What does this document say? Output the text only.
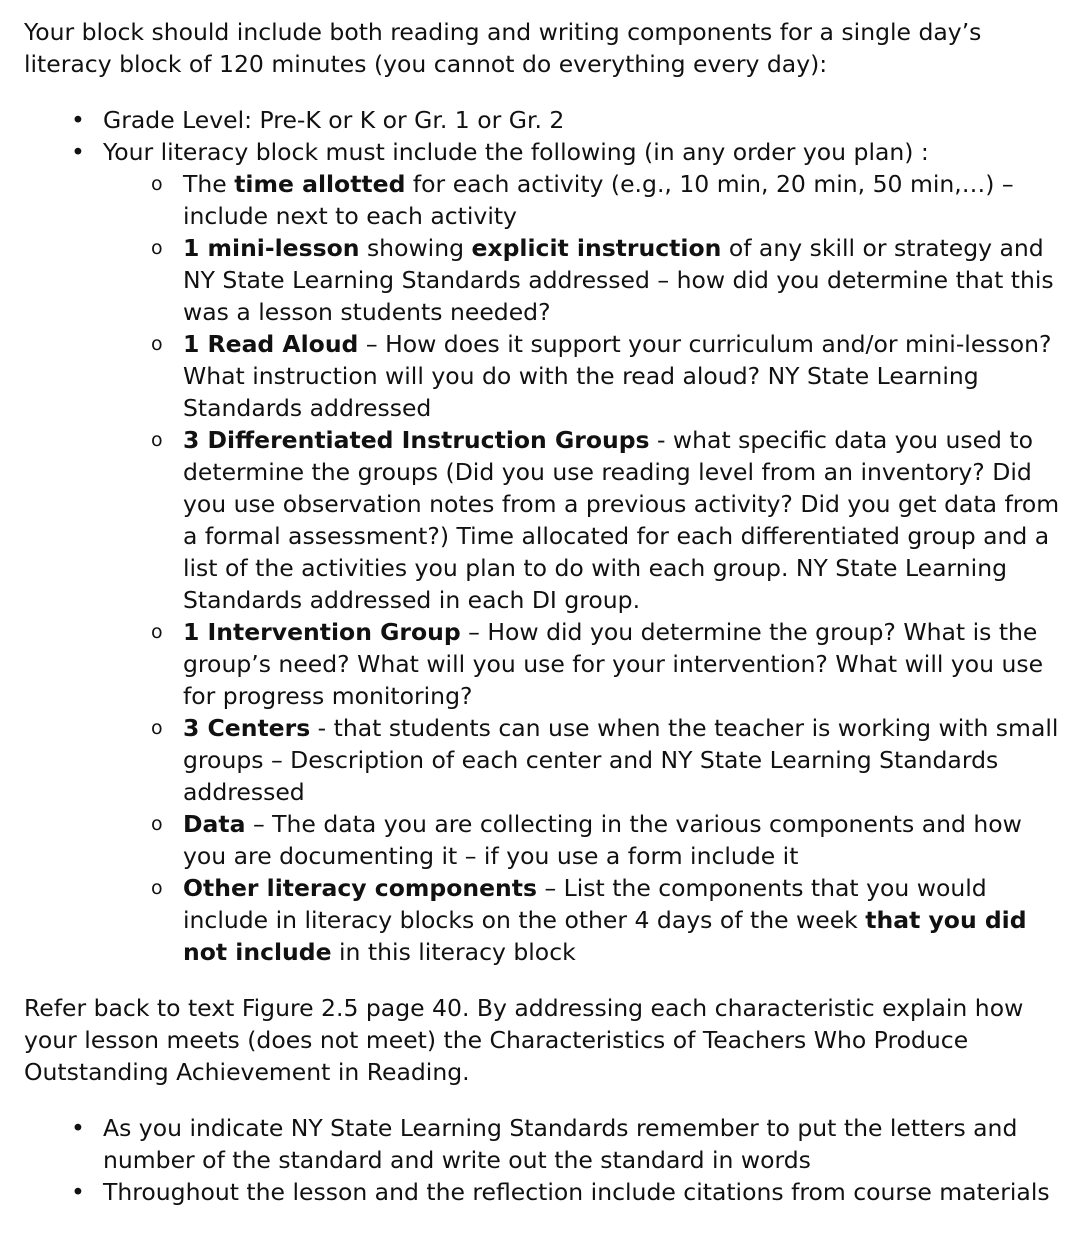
Your block should include both reading and writing components for a single day’s literacy block of 120 minutes (you cannot do everything every day):

• Grade Level: Pre-K or K or Gr. 1 or Gr. 2
• Your literacy block must include the following (in any order you plan) :
o The time allotted for each activity (e.g., 10 min, 20 min, 50 min,…) – include next to each activity
o 1 mini-lesson showing explicit instruction of any skill or strategy and NY State Learning Standards addressed – how did you determine that this was a lesson students needed?
o 1 Read Aloud – How does it support your curriculum and/or mini-lesson? What instruction will you do with the read aloud? NY State Learning Standards addressed
o 3 Differentiated Instruction Groups - what specific data you used to determine the groups (Did you use reading level from an inventory? Did you use observation notes from a previous activity? Did you get data from a formal assessment?) Time allocated for each differentiated group and a list of the activities you plan to do with each group. NY State Learning Standards addressed in each DI group.
o 1 Intervention Group – How did you determine the group? What is the group’s need? What will you use for your intervention? What will you use for progress monitoring?
o 3 Centers - that students can use when the teacher is working with small groups – Description of each center and NY State Learning Standards addressed
o Data – The data you are collecting in the various components and how you are documenting it – if you use a form include it
o Other literacy components – List the components that you would include in literacy blocks on the other 4 days of the week that you did not include in this literacy block

Refer back to text Figure 2.5 page 40. By addressing each characteristic explain how your lesson meets (does not meet) the Characteristics of Teachers Who Produce Outstanding Achievement in Reading.

• As you indicate NY State Learning Standards remember to put the letters and number of the standard and write out the standard in words
• Throughout the lesson and the reflection include citations from course materials
